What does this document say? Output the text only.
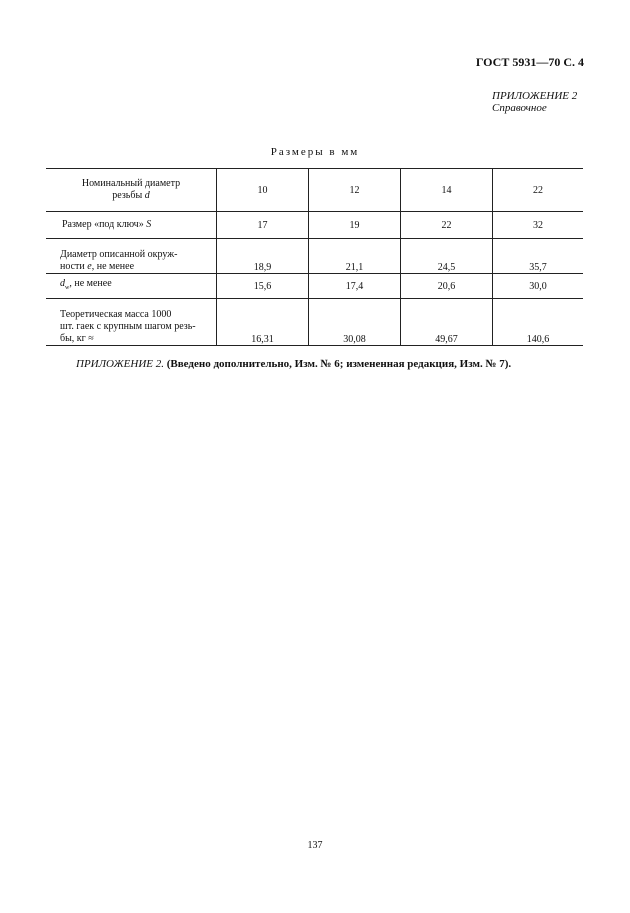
ГОСТ 5931—70 С. 4
ПРИЛОЖЕНИЕ 2
Справочное
Размеры в мм
Номинальный диаметр
резьбы d	10	12	14	22
Размер «под ключ» S	17	19	22	32
Диаметр описанной окруж-
ности e, не менее	18,9	21,1	24,5	35,7
$d_w$, не менее	15,6	17,4	20,6	30,0
Теоретическая масса 1000
шт. гаек с крупным шагом резь-
бы, кг ≈	16,31	30,08	49,67	140,6
ПРИЛОЖЕНИЕ 2. (Введено дополнительно, Изм. № 6; измененная редакция, Изм. № 7).
137
